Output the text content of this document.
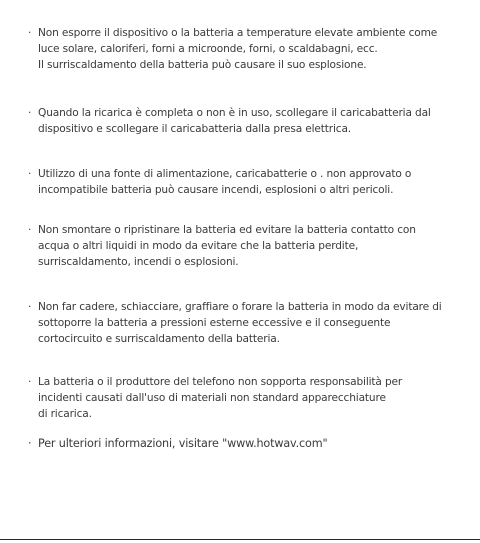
· Non esporre il dispositivo o la batteria a temperature elevate ambiente come
luce solare, caloriferi, forni a microonde, forni, o scaldabagni, ecc.
Il surriscaldamento della batteria può causare il suo esplosione.
· Quando la ricarica è completa o non è in uso, scollegare il caricabatteria dal
dispositivo e scollegare il caricabatteria dalla presa elettrica.
· Utilizzo di una fonte di alimentazione, caricabatterie o . non approvato o
incompatibile batteria può causare incendi, esplosioni o altri pericoli.
· Non smontare o ripristinare la batteria ed evitare la batteria contatto con
acqua o altri liquidi in modo da evitare che la batteria perdite,
surriscaldamento, incendi o esplosioni.
· Non far cadere, schiacciare, graffiare o forare la batteria in modo da evitare di
sottoporre la batteria a pressioni esterne eccessive e il conseguente
cortocircuito e surriscaldamento della batteria.
· La batteria o il produttore del telefono non sopporta responsabilità per
incidenti causati dall'uso di materiali non standard apparecchiature
di ricarica.
· Per ulteriori informazioni, visitare "www.hotwav.com"
